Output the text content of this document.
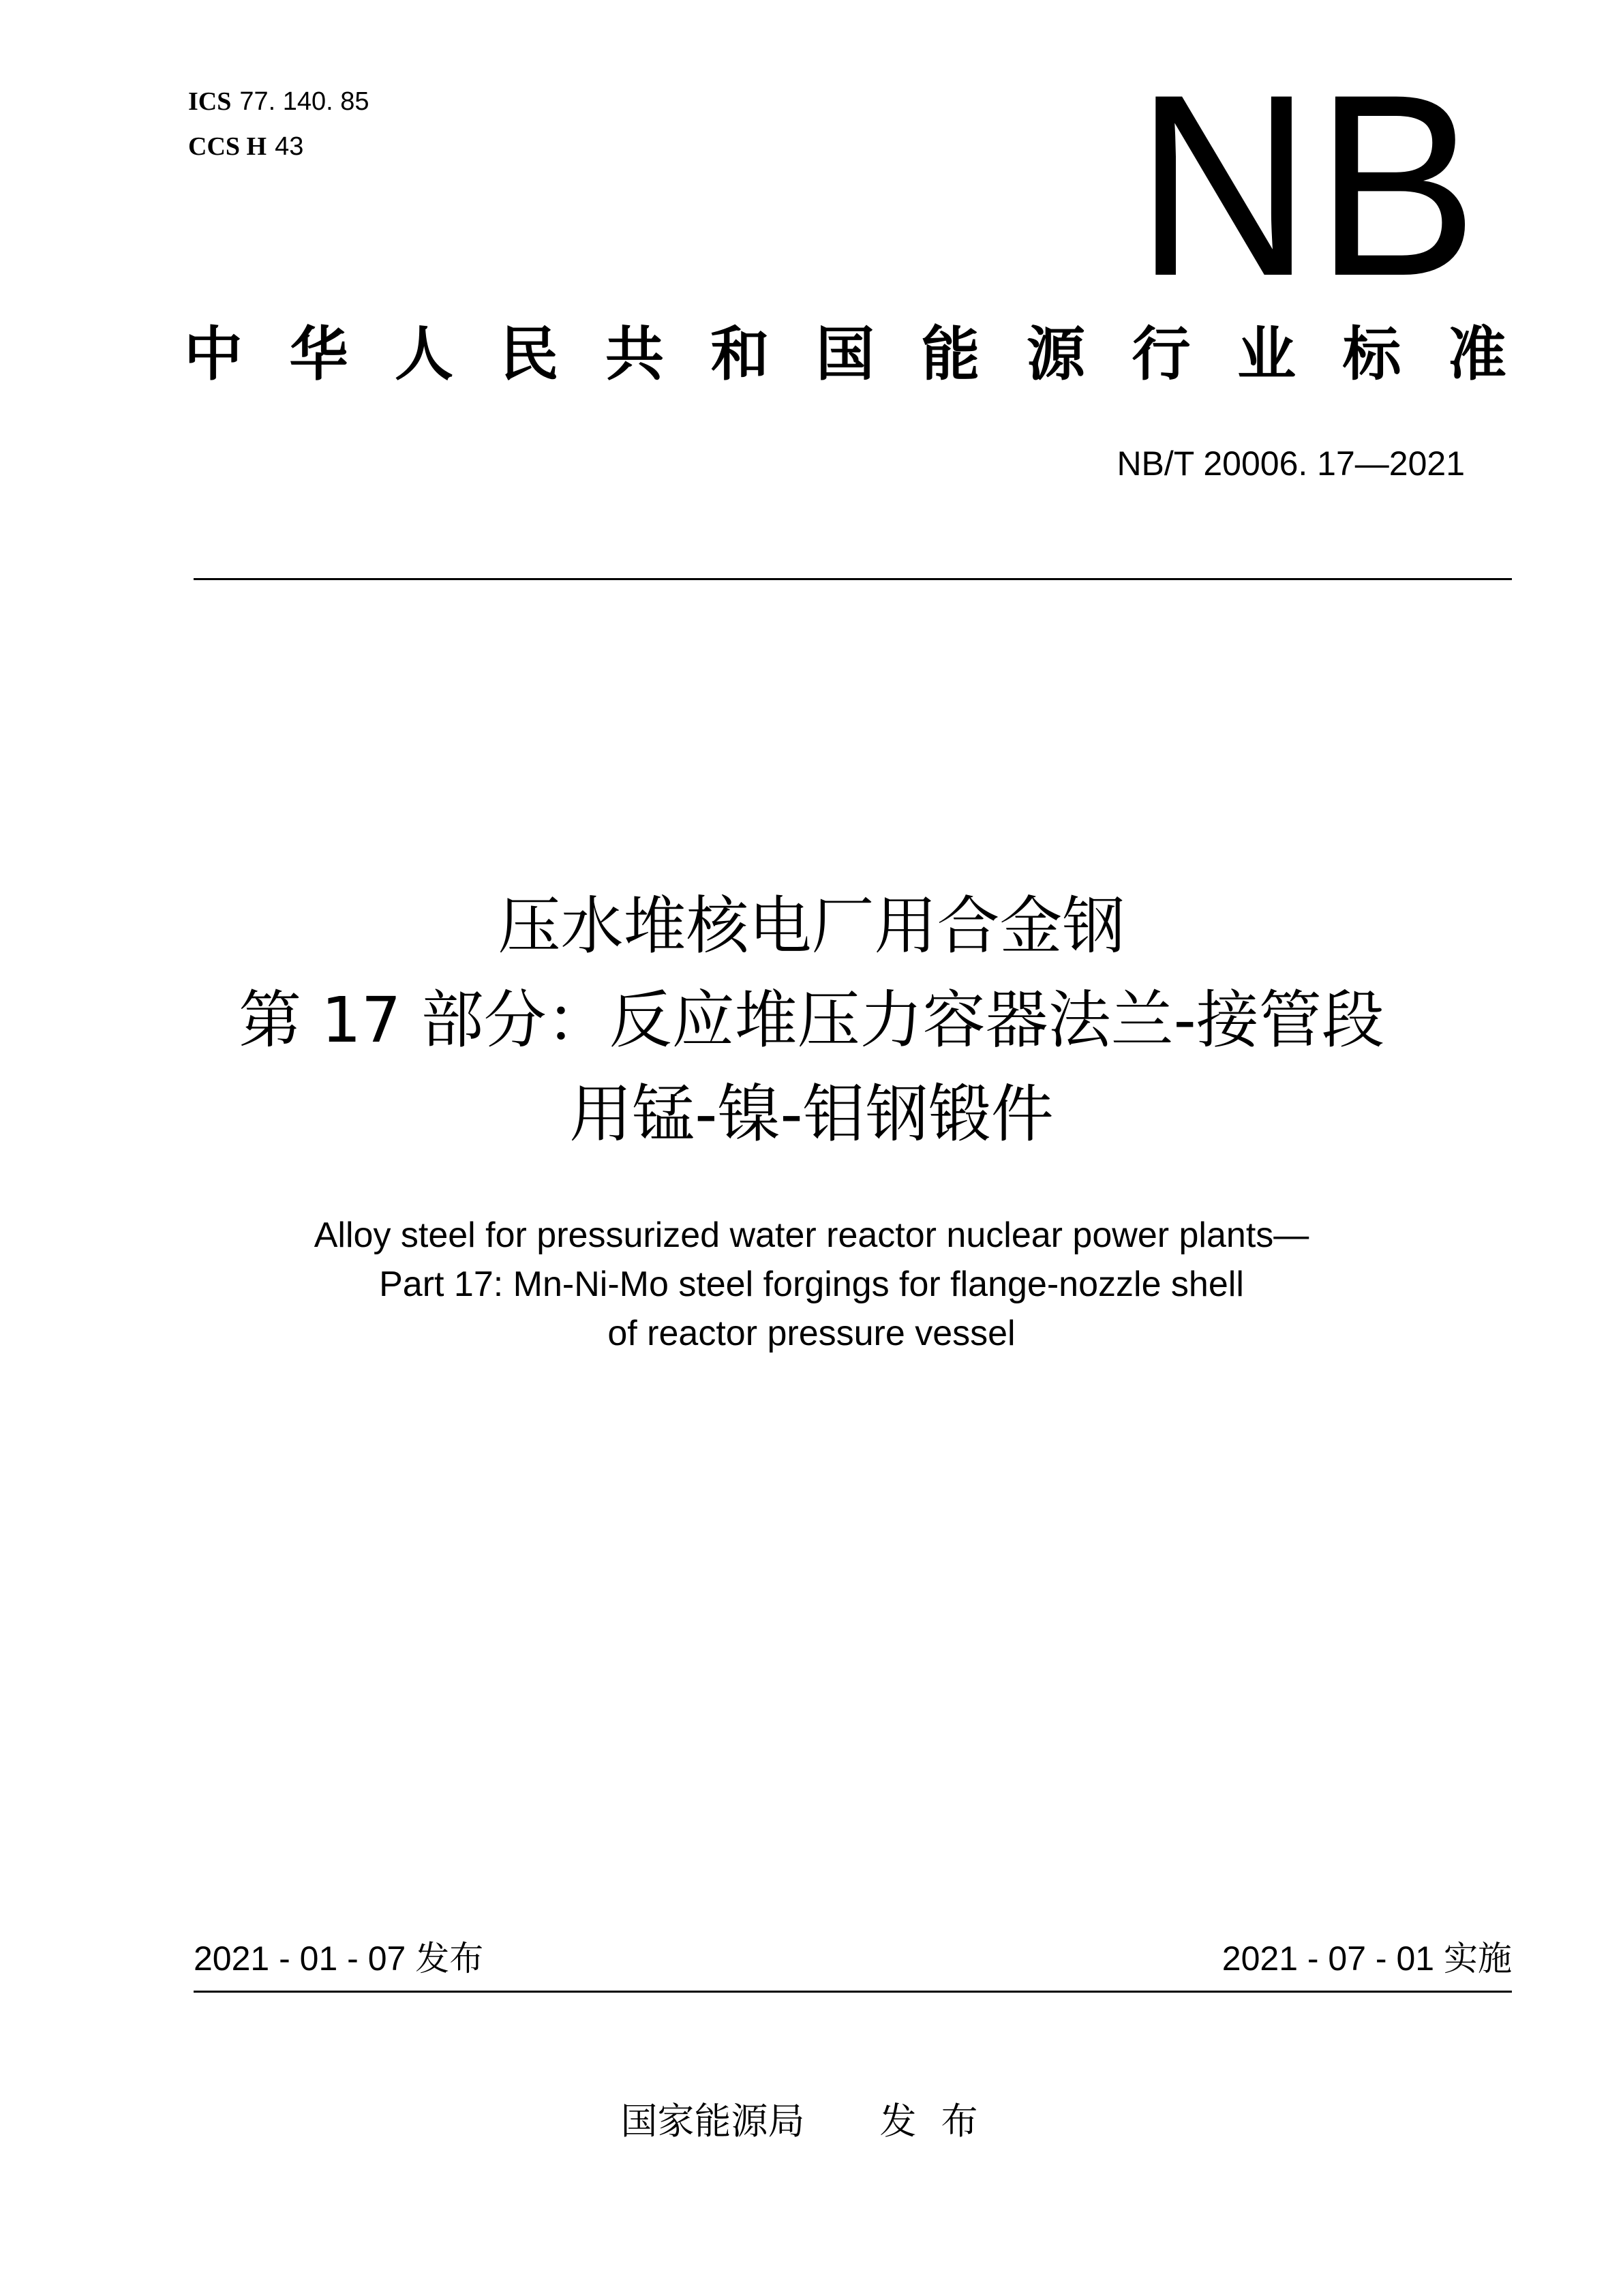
ICS 77. 140. 85
CCS H 43	NB
中 华 人 民 共 和 国 能 源 行 业 标 准
NB/T 20006. 17—2021
压水堆核电厂用合金钢
第 17 部分：反应堆压力容器法兰-接管段
用锰-镍-钼钢锻件
Alloy steel for pressurized water reactor nuclear power plants—
Part 17: Mn-Ni-Mo steel forgings for flange-nozzle shell
of reactor pressure vessel
2021 - 01 - 07 发布	2021 - 07 - 01 实施
国家能源局 发布
